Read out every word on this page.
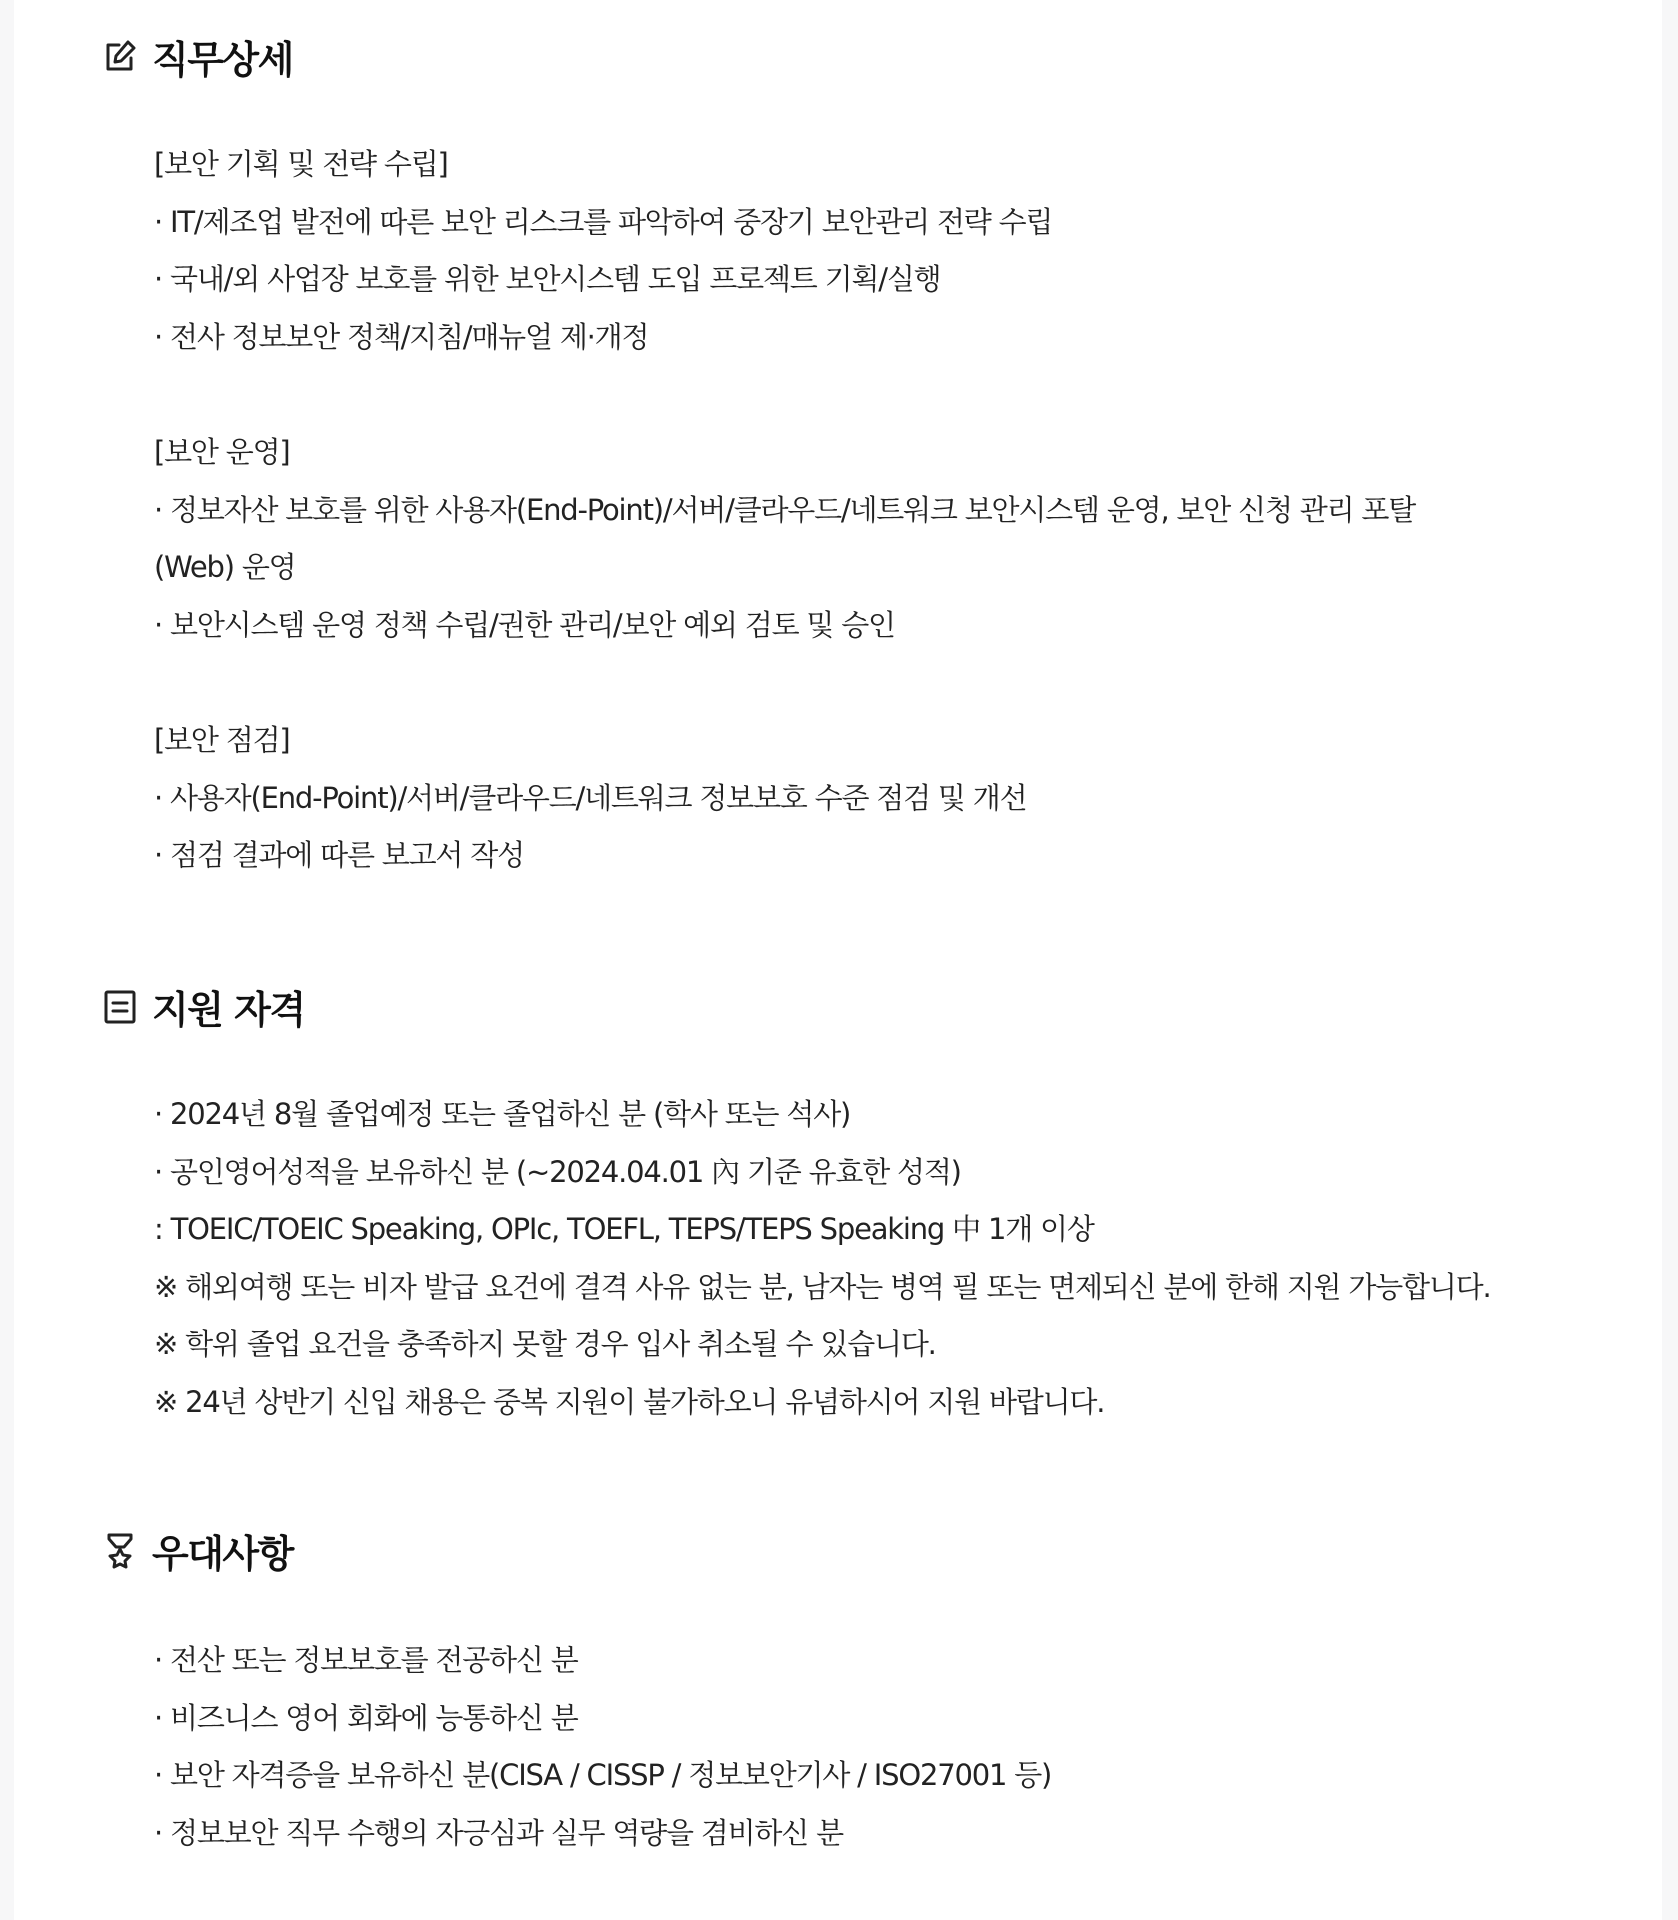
직무상세
[보안 기획 및 전략 수립]
· IT/제조업 발전에 따른 보안 리스크를 파악하여 중장기 보안관리 전략 수립
· 국내/외 사업장 보호를 위한 보안시스템 도입 프로젝트 기획/실행
· 전사 정보보안 정책/지침/매뉴얼 제·개정
[보안 운영]
· 정보자산 보호를 위한 사용자(End-Point)/서버/클라우드/네트워크 보안시스템 운영, 보안 신청 관리 포탈
(Web) 운영
· 보안시스템 운영 정책 수립/권한 관리/보안 예외 검토 및 승인
[보안 점검]
· 사용자(End-Point)/서버/클라우드/네트워크 정보보호 수준 점검 및 개선
· 점검 결과에 따른 보고서 작성
지원 자격
· 2024년 8월 졸업예정 또는 졸업하신 분 (학사 또는 석사)
· 공인영어성적을 보유하신 분 (~2024.04.01 內 기준 유효한 성적)
: TOEIC/TOEIC Speaking, OPIc, TOEFL, TEPS/TEPS Speaking 中 1개 이상
※ 해외여행 또는 비자 발급 요건에 결격 사유 없는 분, 남자는 병역 필 또는 면제되신 분에 한해 지원 가능합니다.
※ 학위 졸업 요건을 충족하지 못할 경우 입사 취소될 수 있습니다.
※ 24년 상반기 신입 채용은 중복 지원이 불가하오니 유념하시어 지원 바랍니다.
우대사항
· 전산 또는 정보보호를 전공하신 분
· 비즈니스 영어 회화에 능통하신 분
· 보안 자격증을 보유하신 분(CISA / CISSP / 정보보안기사 / ISO27001 등)
· 정보보안 직무 수행의 자긍심과 실무 역량을 겸비하신 분
